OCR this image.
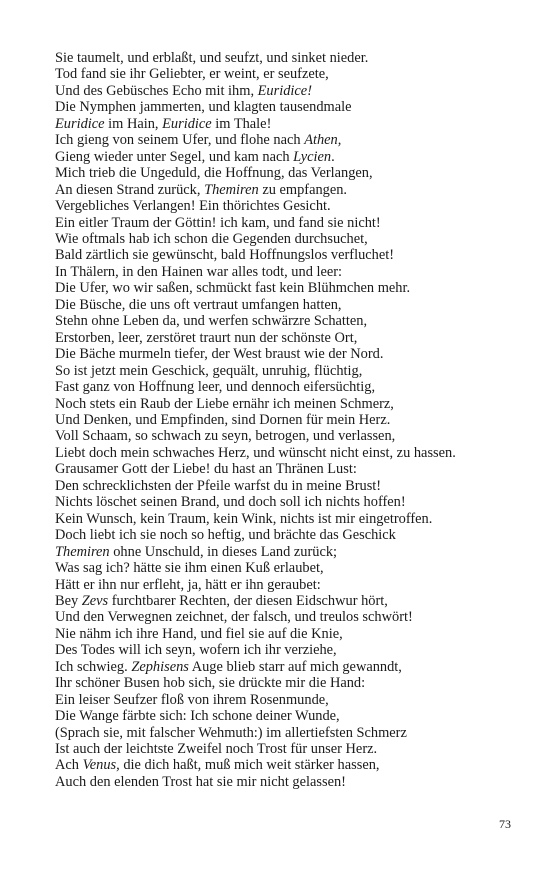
Sie taumelt, und erblaßt, und seufzt, und sinket nieder.
Tod fand sie ihr Geliebter, er weint, er seufzete,
Und des Gebüsches Echo mit ihm, Euridice!
Die Nymphen jammerten, und klagten tausendmale
Euridice im Hain, Euridice im Thale!
Ich gieng von seinem Ufer, und flohe nach Athen,
Gieng wieder unter Segel, und kam nach Lycien.
Mich trieb die Ungeduld, die Hoffnung, das Verlangen,
An diesen Strand zurück, Themiren zu empfangen.
Vergebliches Verlangen! Ein thörichtes Gesicht.
Ein eitler Traum der Göttin! ich kam, und fand sie nicht!
Wie oftmals hab ich schon die Gegenden durchsuchet,
Bald zärtlich sie gewünscht, bald Hoffnungslos verfluchet!
In Thälern, in den Hainen war alles todt, und leer:
Die Ufer, wo wir saßen, schmückt fast kein Blühmchen mehr.
Die Büsche, die uns oft vertraut umfangen hatten,
Stehn ohne Leben da, und werfen schwärzre Schatten,
Erstorben, leer, zerstöret traurt nun der schönste Ort,
Die Bäche murmeln tiefer, der West braust wie der Nord.
So ist jetzt mein Geschick, gequält, unruhig, flüchtig,
Fast ganz von Hoffnung leer, und dennoch eifersüchtig,
Noch stets ein Raub der Liebe ernähr ich meinen Schmerz,
Und Denken, und Empfinden, sind Dornen für mein Herz.
Voll Schaam, so schwach zu seyn, betrogen, und verlassen,
Liebt doch mein schwaches Herz, und wünscht nicht einst, zu hassen.
Grausamer Gott der Liebe! du hast an Thränen Lust:
Den schrecklichsten der Pfeile warfst du in meine Brust!
Nichts löschet seinen Brand, und doch soll ich nichts hoffen!
Kein Wunsch, kein Traum, kein Wink, nichts ist mir eingetroffen.
Doch liebt ich sie noch so heftig, und brächte das Geschick
Themiren ohne Unschuld, in dieses Land zurück;
Was sag ich? hätte sie ihm einen Kuß erlaubet,
Hätt er ihn nur erfleht, ja, hätt er ihn geraubet:
Bey Zevs furchtbarer Rechten, der diesen Eidschwur hört,
Und den Verwegnen zeichnet, der falsch, und treulos schwört!
Nie nähm ich ihre Hand, und fiel sie auf die Knie,
Des Todes will ich seyn, wofern ich ihr verziehe,
Ich schwieg. Zephisens Auge blieb starr auf mich gewanndt,
Ihr schöner Busen hob sich, sie drückte mir die Hand:
Ein leiser Seufzer floß von ihrem Rosenmunde,
Die Wange färbte sich: Ich schone deiner Wunde,
(Sprach sie, mit falscher Wehmuth:) im allertiefsten Schmerz
Ist auch der leichtste Zweifel noch Trost für unser Herz.
Ach Venus, die dich haßt, muß mich weit stärker hassen,
Auch den elenden Trost hat sie mir nicht gelassen!
73
